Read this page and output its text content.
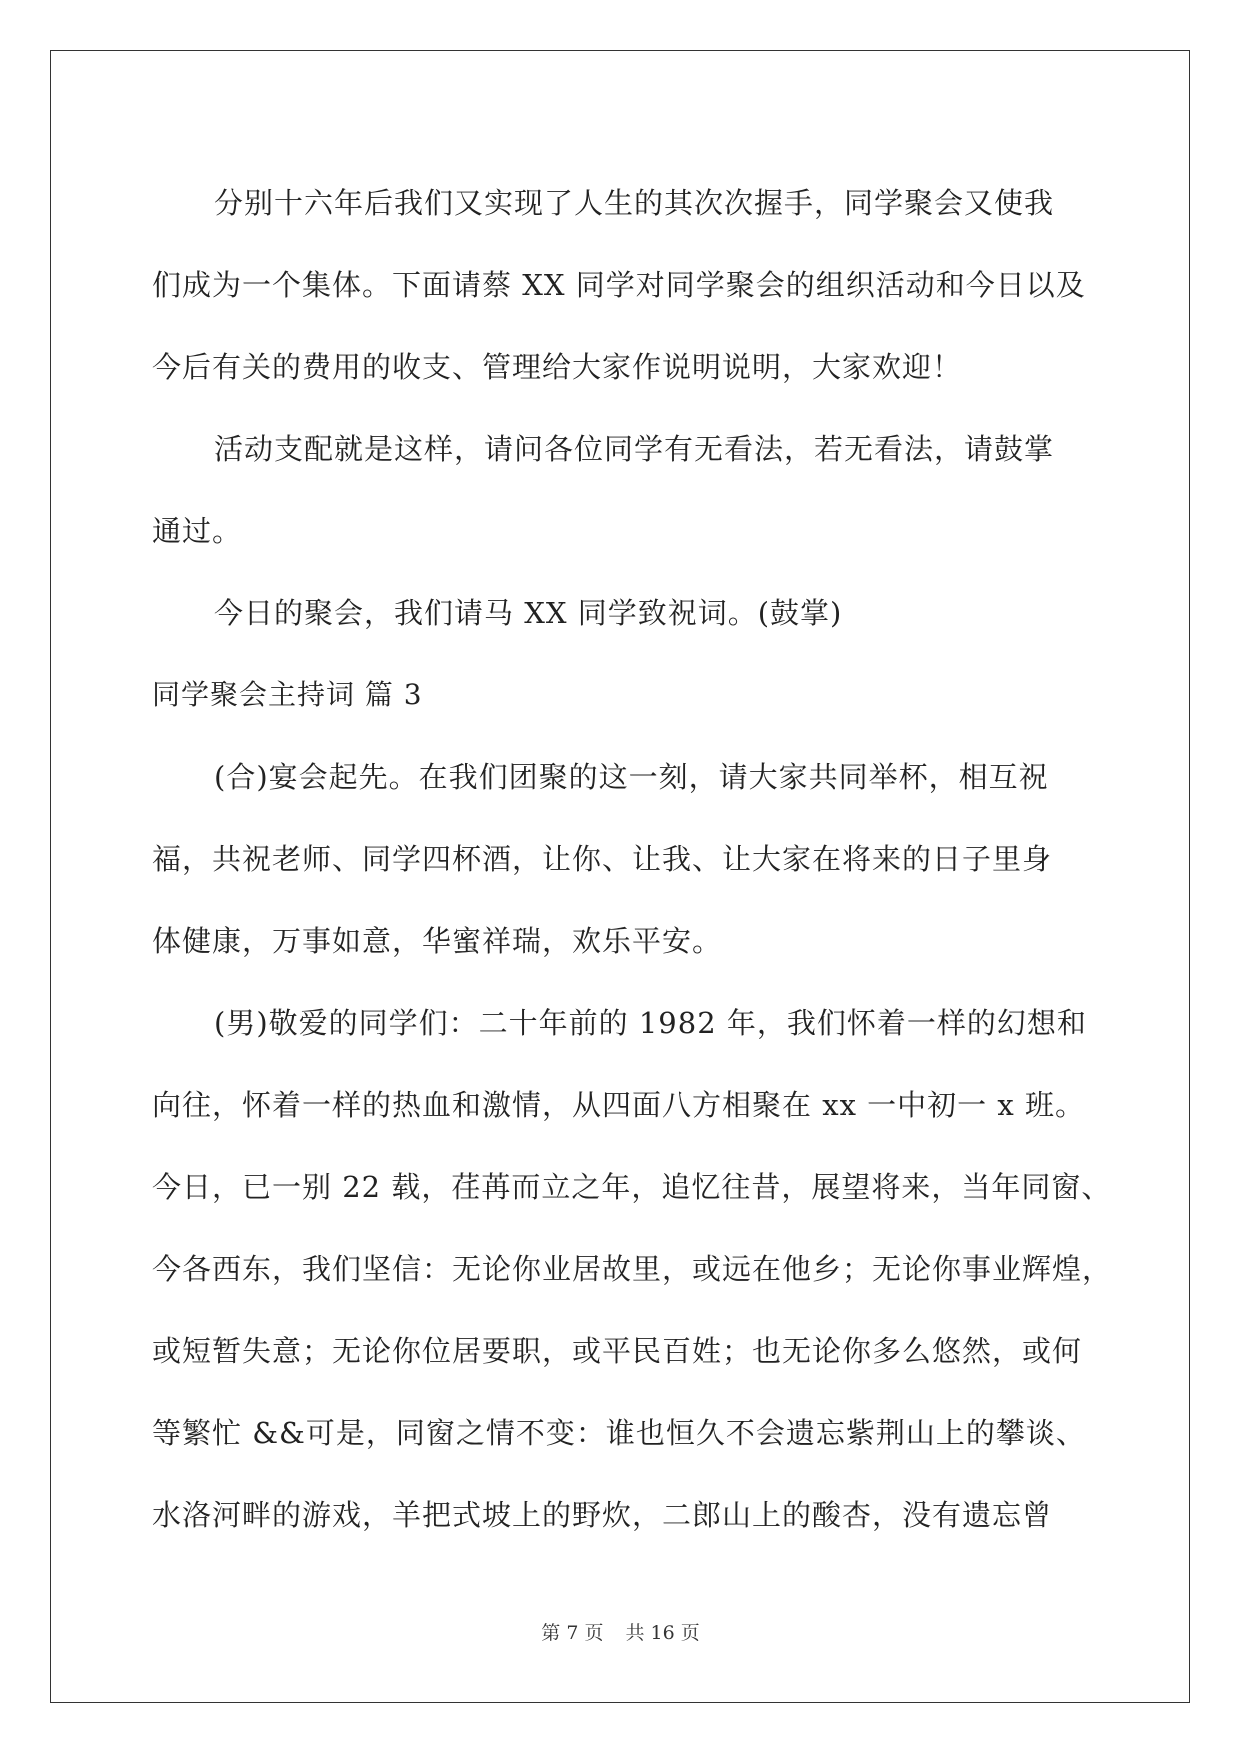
分别十六年后我们又实现了人生的其次次握手，同学聚会又使我
们成为一个集体。下面请蔡 XX 同学对同学聚会的组织活动和今日以及
今后有关的费用的收支、管理给大家作说明说明，大家欢迎！
活动支配就是这样，请问各位同学有无看法，若无看法，请鼓掌
通过。
今日的聚会，我们请马 XX 同学致祝词。(鼓掌)
同学聚会主持词 篇 3
(合)宴会起先。在我们团聚的这一刻，请大家共同举杯，相互祝
福，共祝老师、同学四杯酒，让你、让我、让大家在将来的日子里身
体健康，万事如意，华蜜祥瑞，欢乐平安。
(男)敬爱的同学们：二十年前的 1982 年，我们怀着一样的幻想和
向往，怀着一样的热血和激情，从四面八方相聚在 xx 一中初一 x 班。
今日，已一别 22 载，荏苒而立之年，追忆往昔，展望将来，当年同窗、
今各西东，我们坚信：无论你业居故里，或远在他乡；无论你事业辉煌，
或短暂失意；无论你位居要职，或平民百姓；也无论你多么悠然，或何
等繁忙 &&可是，同窗之情不变：谁也恒久不会遗忘紫荆山上的攀谈、
水洛河畔的游戏，羊把式坡上的野炊，二郎山上的酸杏，没有遗忘曾
第 7 页 共 16 页
